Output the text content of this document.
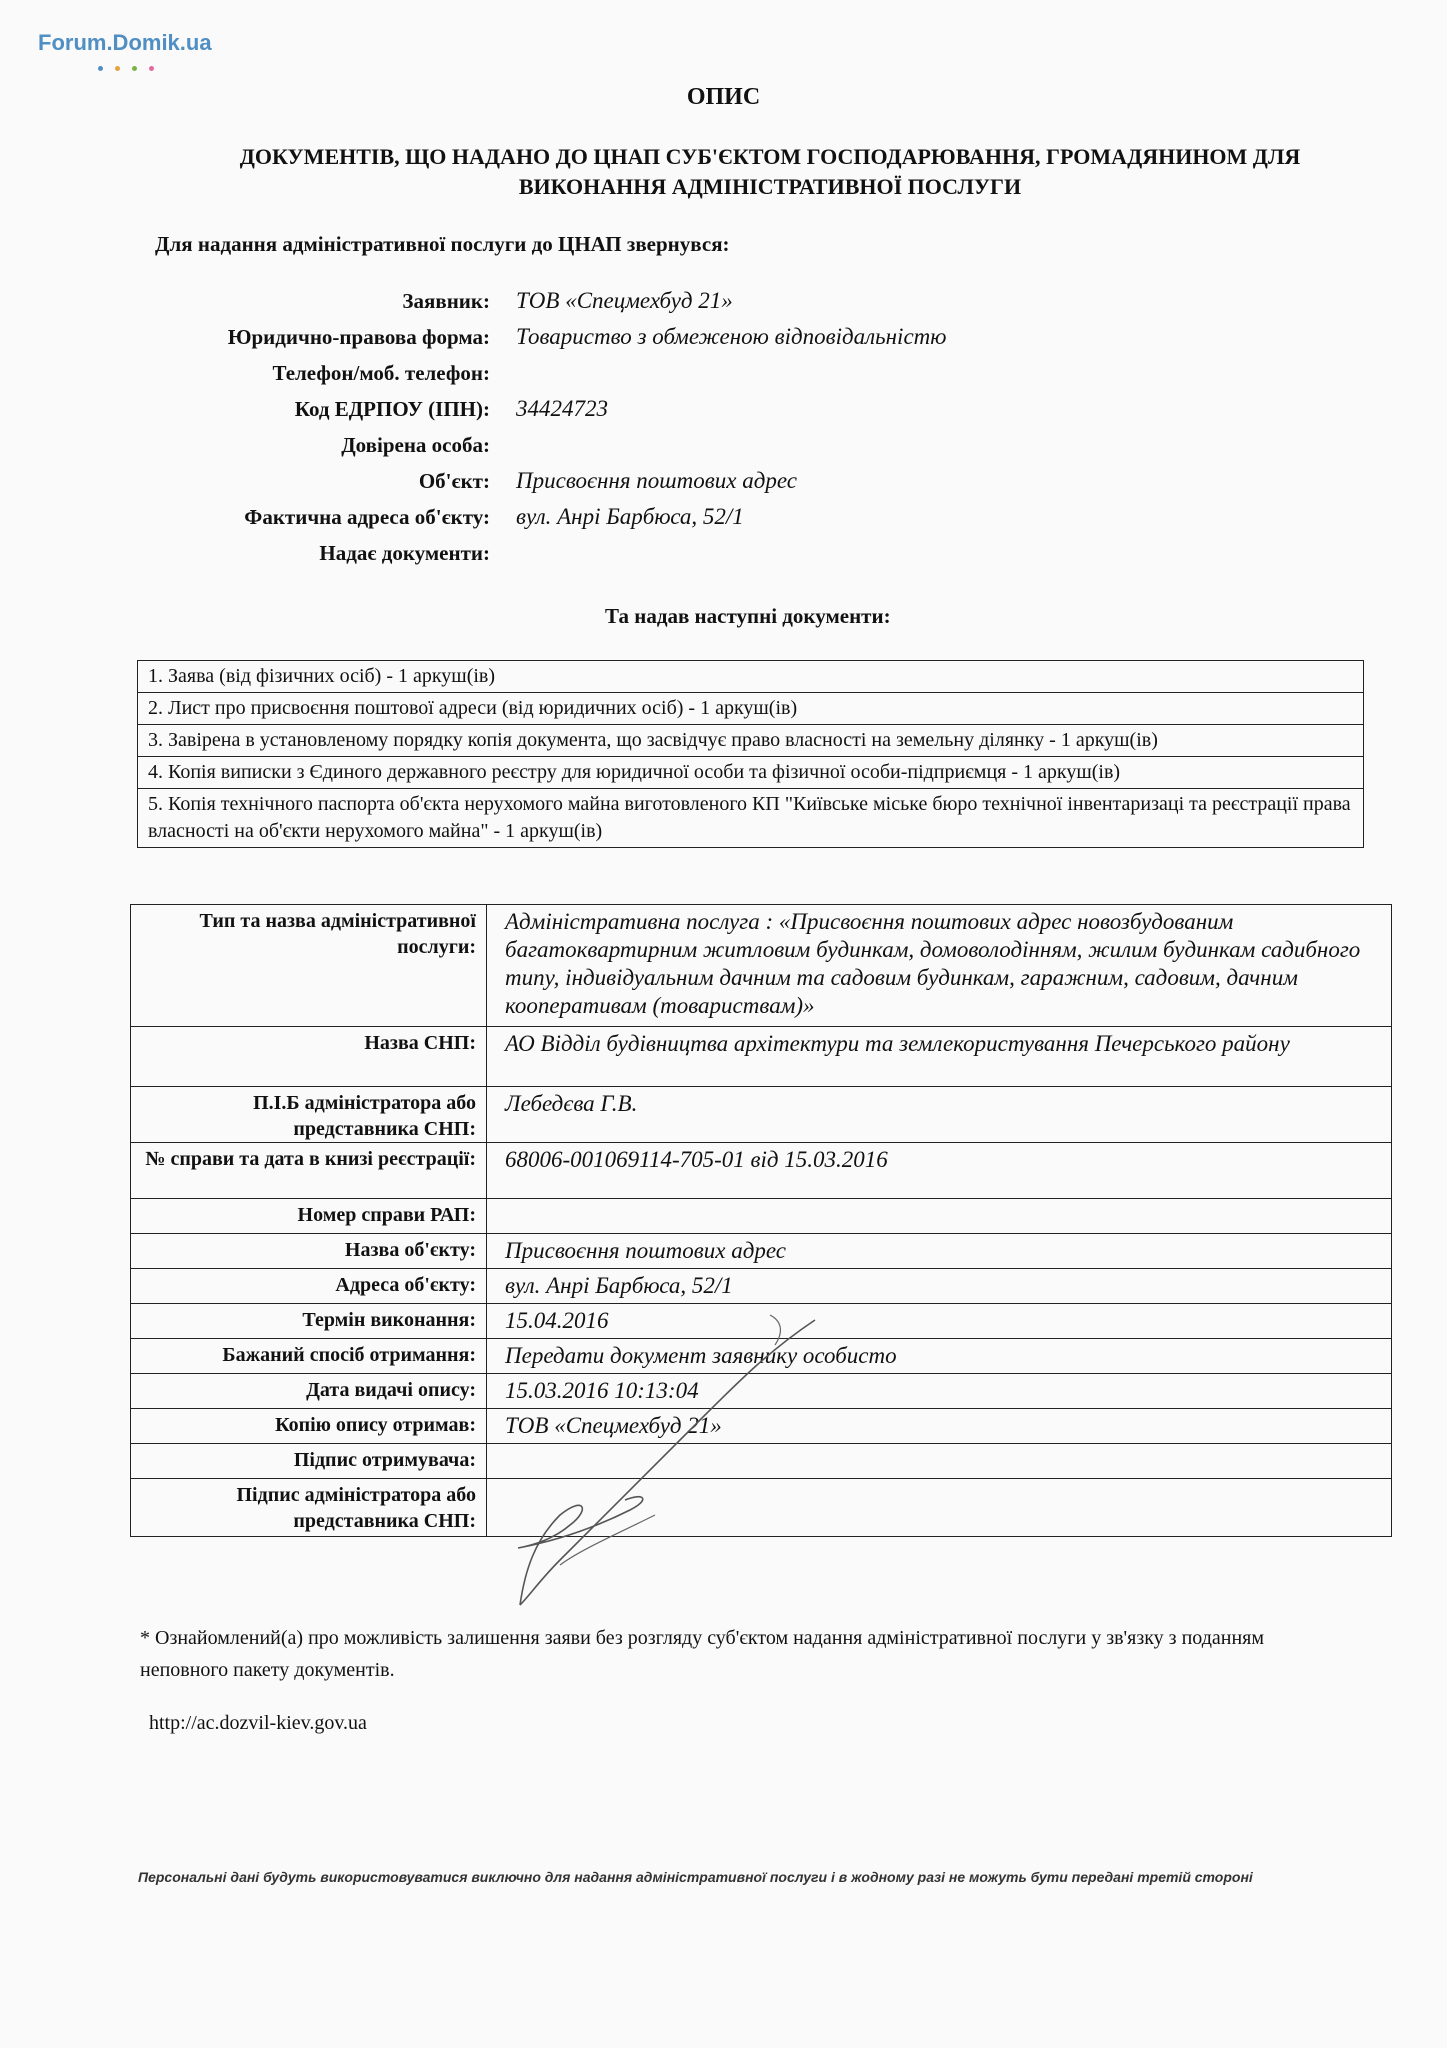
Forum.Domik.ua
ОПИС
ДОКУМЕНТІВ, ЩО НАДАНО ДО ЦНАП СУБ'ЄКТОМ ГОСПОДАРЮВАННЯ, ГРОМАДЯНИНОМ ДЛЯ ВИКОНАННЯ АДМІНІСТРАТИВНОЇ ПОСЛУГИ
Для надання адміністративної послуги до ЦНАП звернувся:
Заявник: ТОВ «Спецмехбуд 21»
Юридично-правова форма: Товариство з обмеженою відповідальністю
Телефон/моб. телефон:
Код ЕДРПОУ (ІПН): 34424723
Довірена особа:
Об'єкт: Присвоєння поштових адрес
Фактична адреса об'єкту: вул. Анрі Барбюса, 52/1
Надає документи:
Та надав наступні документи:
1. Заява (від фізичних осіб) - 1 аркуш(ів)
2. Лист про присвоєння поштової адреси (від юридичних осіб) - 1 аркуш(ів)
3. Завірена в установленому порядку копія документа, що засвідчує право власності на земельну ділянку - 1 аркуш(ів)
4. Копія виписки з Єдиного державного реєстру для юридичної особи та фізичної особи-підприємця - 1 аркуш(ів)
5. Копія технічного паспорта об'єкта нерухомого майна виготовленого КП "Київське міське бюро технічної інвентаризаці та реєстрації права власності на об'єкти нерухомого майна" - 1 аркуш(ів)
Тип та назва адміністративної послуги:	Адміністративна послуга : «Присвоєння поштових адрес новозбудованим багатоквартирним житловим будинкам, домоволодінням, жилим будинкам садибного типу, індивідуальним дачним та садовим будинкам, гаражним, садовим, дачним кооперативам (товариствам)»
Назва СНП:	АО Відділ будівництва архітектури та землекористування Печерського району
П.І.Б адміністратора або представника СНП:	Лебедєва Г.В.
№ справи та дата в книзі реєстрації:	68006-001069114-705-01 від 15.03.2016
Номер справи РАП:	
Назва об'єкту:	Присвоєння поштових адрес
Адреса об'єкту:	вул. Анрі Барбюса, 52/1
Термін виконання:	15.04.2016
Бажаний спосіб отримання:	Передати документ заявнику особисто
Дата видачі опису:	15.03.2016 10:13:04
Копію опису отримав:	ТОВ «Спецмехбуд 21»
Підпис отримувача:	
Підпис адміністратора або представника СНП:	
* Ознайомлений(а) про можливість залишення заяви без розгляду суб'єктом надання адміністративної послуги у зв'язку з поданням неповного пакету документів.
http://ac.dozvil-kiev.gov.ua
Персональні дані будуть використовуватися виключно для надання адміністративної послуги і в жодному разі не можуть бути передані третій стороні
